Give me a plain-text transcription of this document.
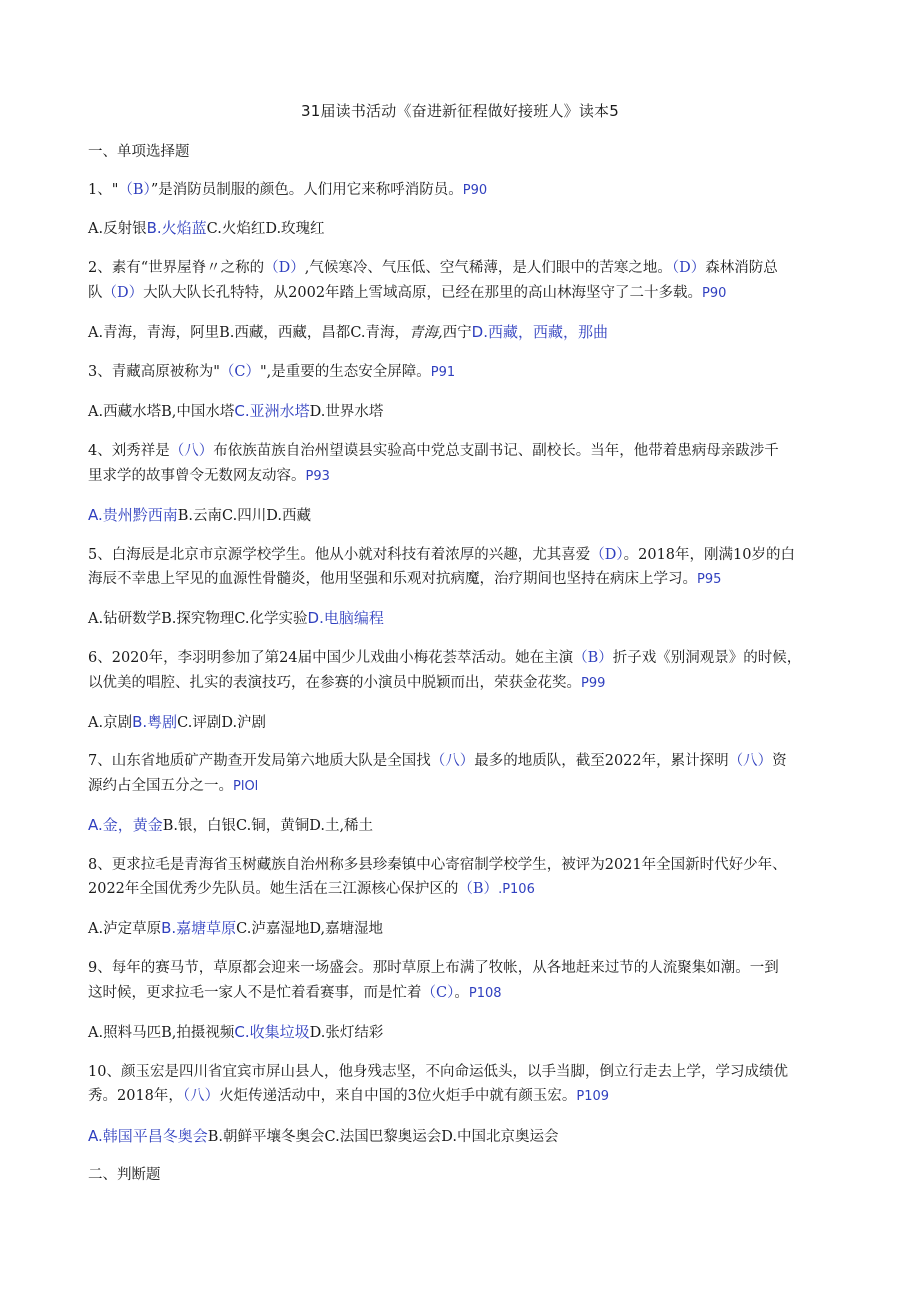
31届读书活动《奋进新征程做好接班人》读本5
一、单项选择题
1、"（B）”是消防员制服的颜色。人们用它来称呼消防员。P90
A.反射银B.火焰蓝C.火焰红D.玫瑰红
2、素有“世界屋脊〃之称的（D）,气候寒冷、气压低、空气稀薄，是人们眼中的苦寒之地。（D）森林消防总
队（D）大队大队长孔特特，从2002年踏上雪域高原，已经在那里的高山林海坚守了二十多载。P90
A.青海，青海，阿里B.西藏，西藏，昌都C.青海，青海,西宁D.西藏，西藏，那曲
3、青藏高原被称为"（C）",是重要的生态安全屏障。P91
A.西藏水塔B,中国水塔C.亚洲水塔D.世界水塔
4、刘秀祥是（八）布依族苗族自治州望谟县实验高中党总支副书记、副校长。当年，他带着患病母亲跋涉千
里求学的故事曾令无数网友动容。P93
A.贵州黔西南B.云南C.四川D.西藏
5、白海辰是北京市京源学校学生。他从小就对科技有着浓厚的兴趣，尤其喜爱（D）。2018年，刚满10岁的白
海辰不幸患上罕见的血源性骨髓炎，他用坚强和乐观对抗病魔，治疗期间也坚持在病床上学习。P95
A.钻研数学B.探究物理C.化学实验D.电脑编程
6、2020年，李羽明参加了第24届中国少儿戏曲小梅花荟萃活动。她在主演（B）折子戏《别洞观景》的时候，
以优美的唱腔、扎实的表演技巧，在参赛的小演员中脱颖而出，荣获金花奖。P99
A.京剧B.粤剧C.评剧D.沪剧
7、山东省地质矿产勘查开发局第六地质大队是全国找（八）最多的地质队，截至2022年，累计探明（八）资
源约占全国五分之一。PlOl
A.金，黄金B.银，白银C.铜，黄铜D.土,稀土
8、更求拉毛是青海省玉树藏族自治州称多县珍秦镇中心寄宿制学校学生，被评为2021年全国新时代好少年、
2022年全国优秀少先队员。她生活在三江源核心保护区的（B）.P106
A.泸定草原B.嘉塘草原C.泸嘉湿地D,嘉塘湿地
9、每年的赛马节，草原都会迎来一场盛会。那时草原上布满了牧帐，从各地赶来过节的人流聚集如潮。一到
这时候，更求拉毛一家人不是忙着看赛事，而是忙着（C）。P108
A.照料马匹B,拍摄视频C.收集垃圾D.张灯结彩
10、颜玉宏是四川省宜宾市屏山县人，他身残志坚，不向命运低头，以手当脚，倒立行走去上学，学习成绩优
秀。2018年，（八）火炬传递活动中，来自中国的3位火炬手中就有颜玉宏。P109
A.韩国平昌冬奥会B.朝鲜平壤冬奥会C.法国巴黎奥运会D.中国北京奥运会
二、判断题
